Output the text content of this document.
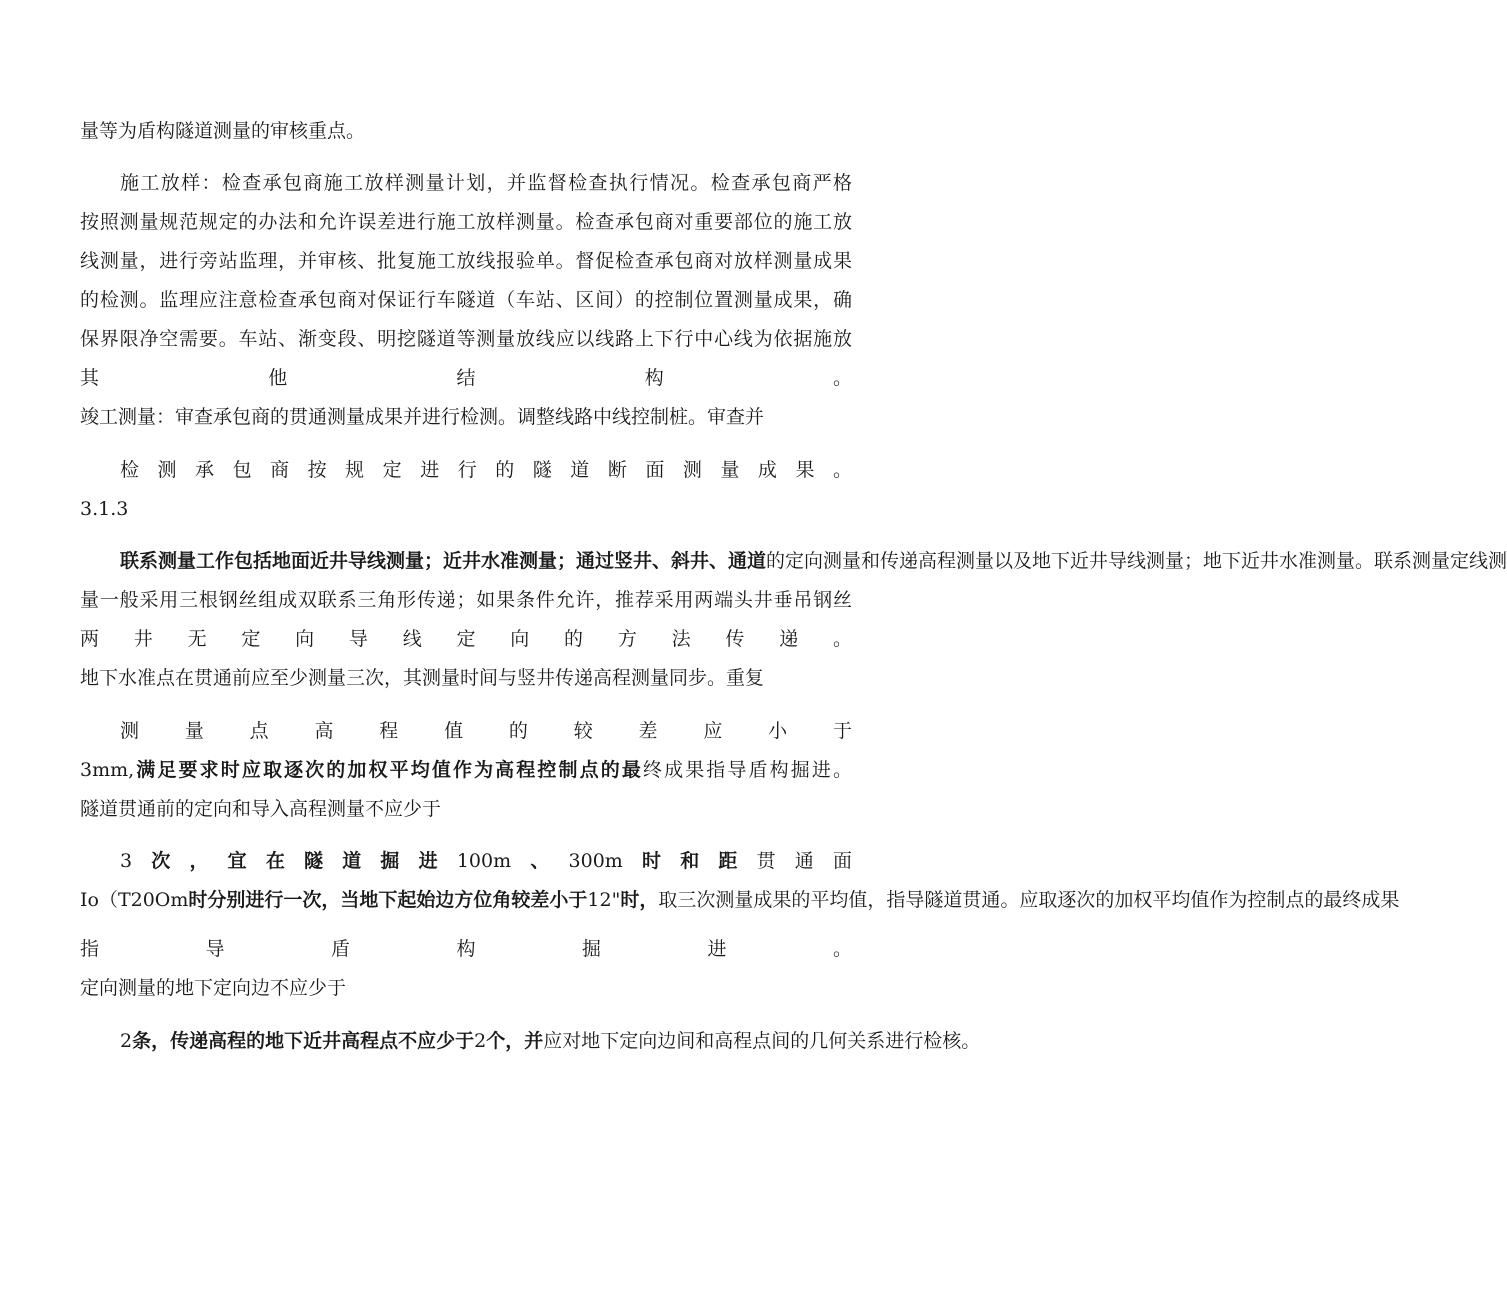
量等为盾构隧道测量的审核重点。
施工放样：检查承包商施工放样测量计划，并监督检查执行情况。检查承包商严格
按照测量规范规定的办法和允许误差进行施工放样测量。检查承包商对重要部位的施工放
线测量，进行旁站监理，并审核、批复施工放线报验单。督促检查承包商对放样测量成果
的检测。监理应注意检查承包商对保证行车隧道（车站、区间）的控制位置测量成果，确
保界限净空需要。车站、渐变段、明挖隧道等测量放线应以线路上下行中心线为依据施放
其他结构。
竣工测量：审查承包商的贯通测量成果并进行检测。调整线路中线控制桩。审查并
检测承包商按规定进行的隧道断面测量成果。
3.1.3
联系测量工作包括地面近井导线测量；近井水准测量；通过竖井、斜井、通道的定向测量和传递高程测量以及地下近井导线测量；地下近井水准测量。联系测量定线测
量一般采用三根钢丝组成双联系三角形传递；如果条件允许，推荐采用两端头井垂吊钢丝
两井无定向导线定向的方法传递。
地下水准点在贯通前应至少测量三次，其测量时间与竖井传递高程测量同步。重复
测量点高程值的较差应小于
3mm,满足要求时应取逐次的加权平均值作为高程控制点的最终成果指导盾构掘进。
隧道贯通前的定向和导入高程测量不应少于
3次，宜在隧道掘进100m、300m时和距贯通面
Io（T20Om时分别进行一次，当地下起始边方位角较差小于12"时，取三次测量成果的平均值，指导隧道贯通。应取逐次的加权平均值作为控制点的最终成果
指导盾构掘进。
定向测量的地下定向边不应少于
2条，传递高程的地下近井高程点不应少于2个，并应对地下定向边间和高程点间的几何关系进行检核。
